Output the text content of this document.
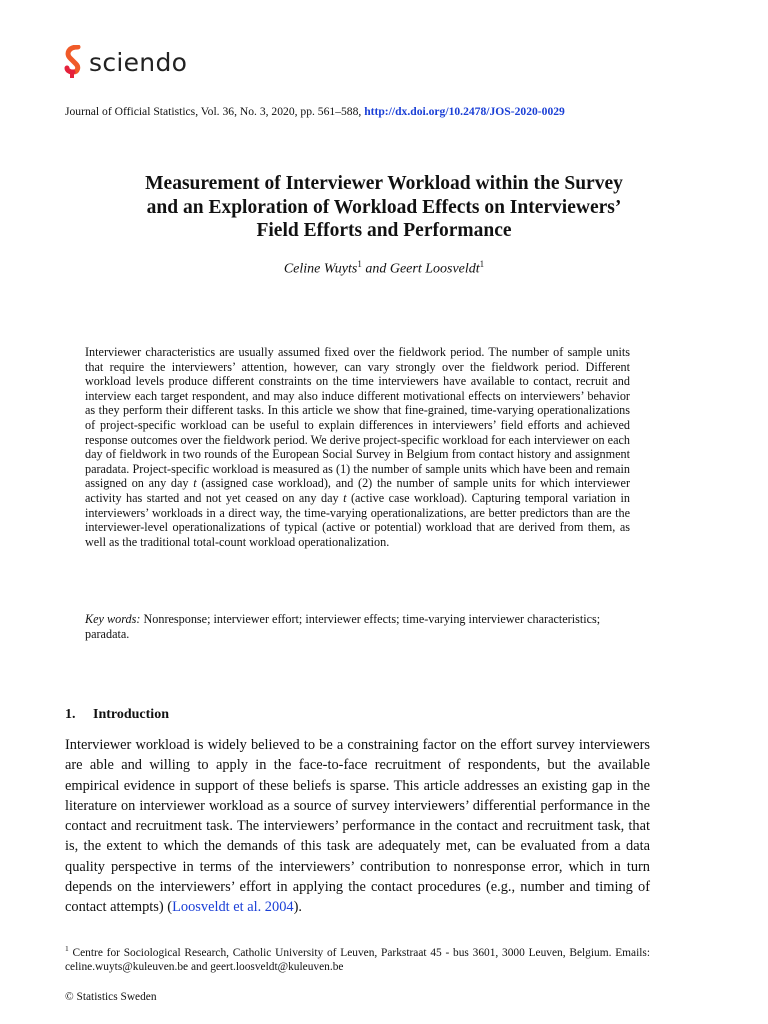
sciendo
Journal of Official Statistics, Vol. 36, No. 3, 2020, pp. 561–588, http://dx.doi.org/10.2478/JOS-2020-0029
Measurement of Interviewer Workload within the Survey
and an Exploration of Workload Effects on Interviewers’
Field Efforts and Performance
Celine Wuyts$^1$ and Geert Loosveldt$^1$

Interviewer characteristics are usually assumed fixed over the fieldwork period. The number of sample units that require the interviewers’ attention, however, can vary strongly over the fieldwork period. Different workload levels produce different constraints on the time interviewers have available to contact, recruit and interview each target respondent, and may also induce different motivational effects on interviewers’ behavior as they perform their different tasks. In this article we show that fine-grained, time-varying operationalizations of project-specific workload can be useful to explain differences in interviewers’ field efforts and achieved response outcomes over the fieldwork period. We derive project-specific workload for each interviewer on each day of fieldwork in two rounds of the European Social Survey in Belgium from contact history and assignment paradata. Project-specific workload is measured as (1) the number of sample units which have been and remain assigned on any day t (assigned case workload), and (2) the number of sample units for which interviewer activity has started and not yet ceased on any day t (active case workload). Capturing temporal variation in interviewers’ workloads in a direct way, the time-varying operationalizations, are better predictors than are the interviewer-level operationalizations of typical (active or potential) workload that are derived from them, as well as the traditional total-count workload operationalization.

Key words: Nonresponse; interviewer effort; interviewer effects; time-varying interviewer characteristics; paradata.
1. Introduction

Interviewer workload is widely believed to be a constraining factor on the effort survey interviewers are able and willing to apply in the face-to-face recruitment of respondents, but the available empirical evidence in support of these beliefs is sparse. This article addresses an existing gap in the literature on interviewer workload as a source of survey interviewers’ differential performance in the contact and recruitment task. The interviewers’ performance in the contact and recruitment task, that is, the extent to which the demands of this task are adequately met, can be evaluated from a data quality perspective in terms of the interviewers’ contribution to nonresponse error, which in turn depends on the interviewers’ effort in applying the contact procedures (e.g., number and timing of contact attempts) (Loosveldt et al. 2004).

$^1$ Centre for Sociological Research, Catholic University of Leuven, Parkstraat 45 - bus 3601, 3000 Leuven, Belgium. Emails: celine.wuyts@kuleuven.be and geert.loosveldt@kuleuven.be
© Statistics Sweden
